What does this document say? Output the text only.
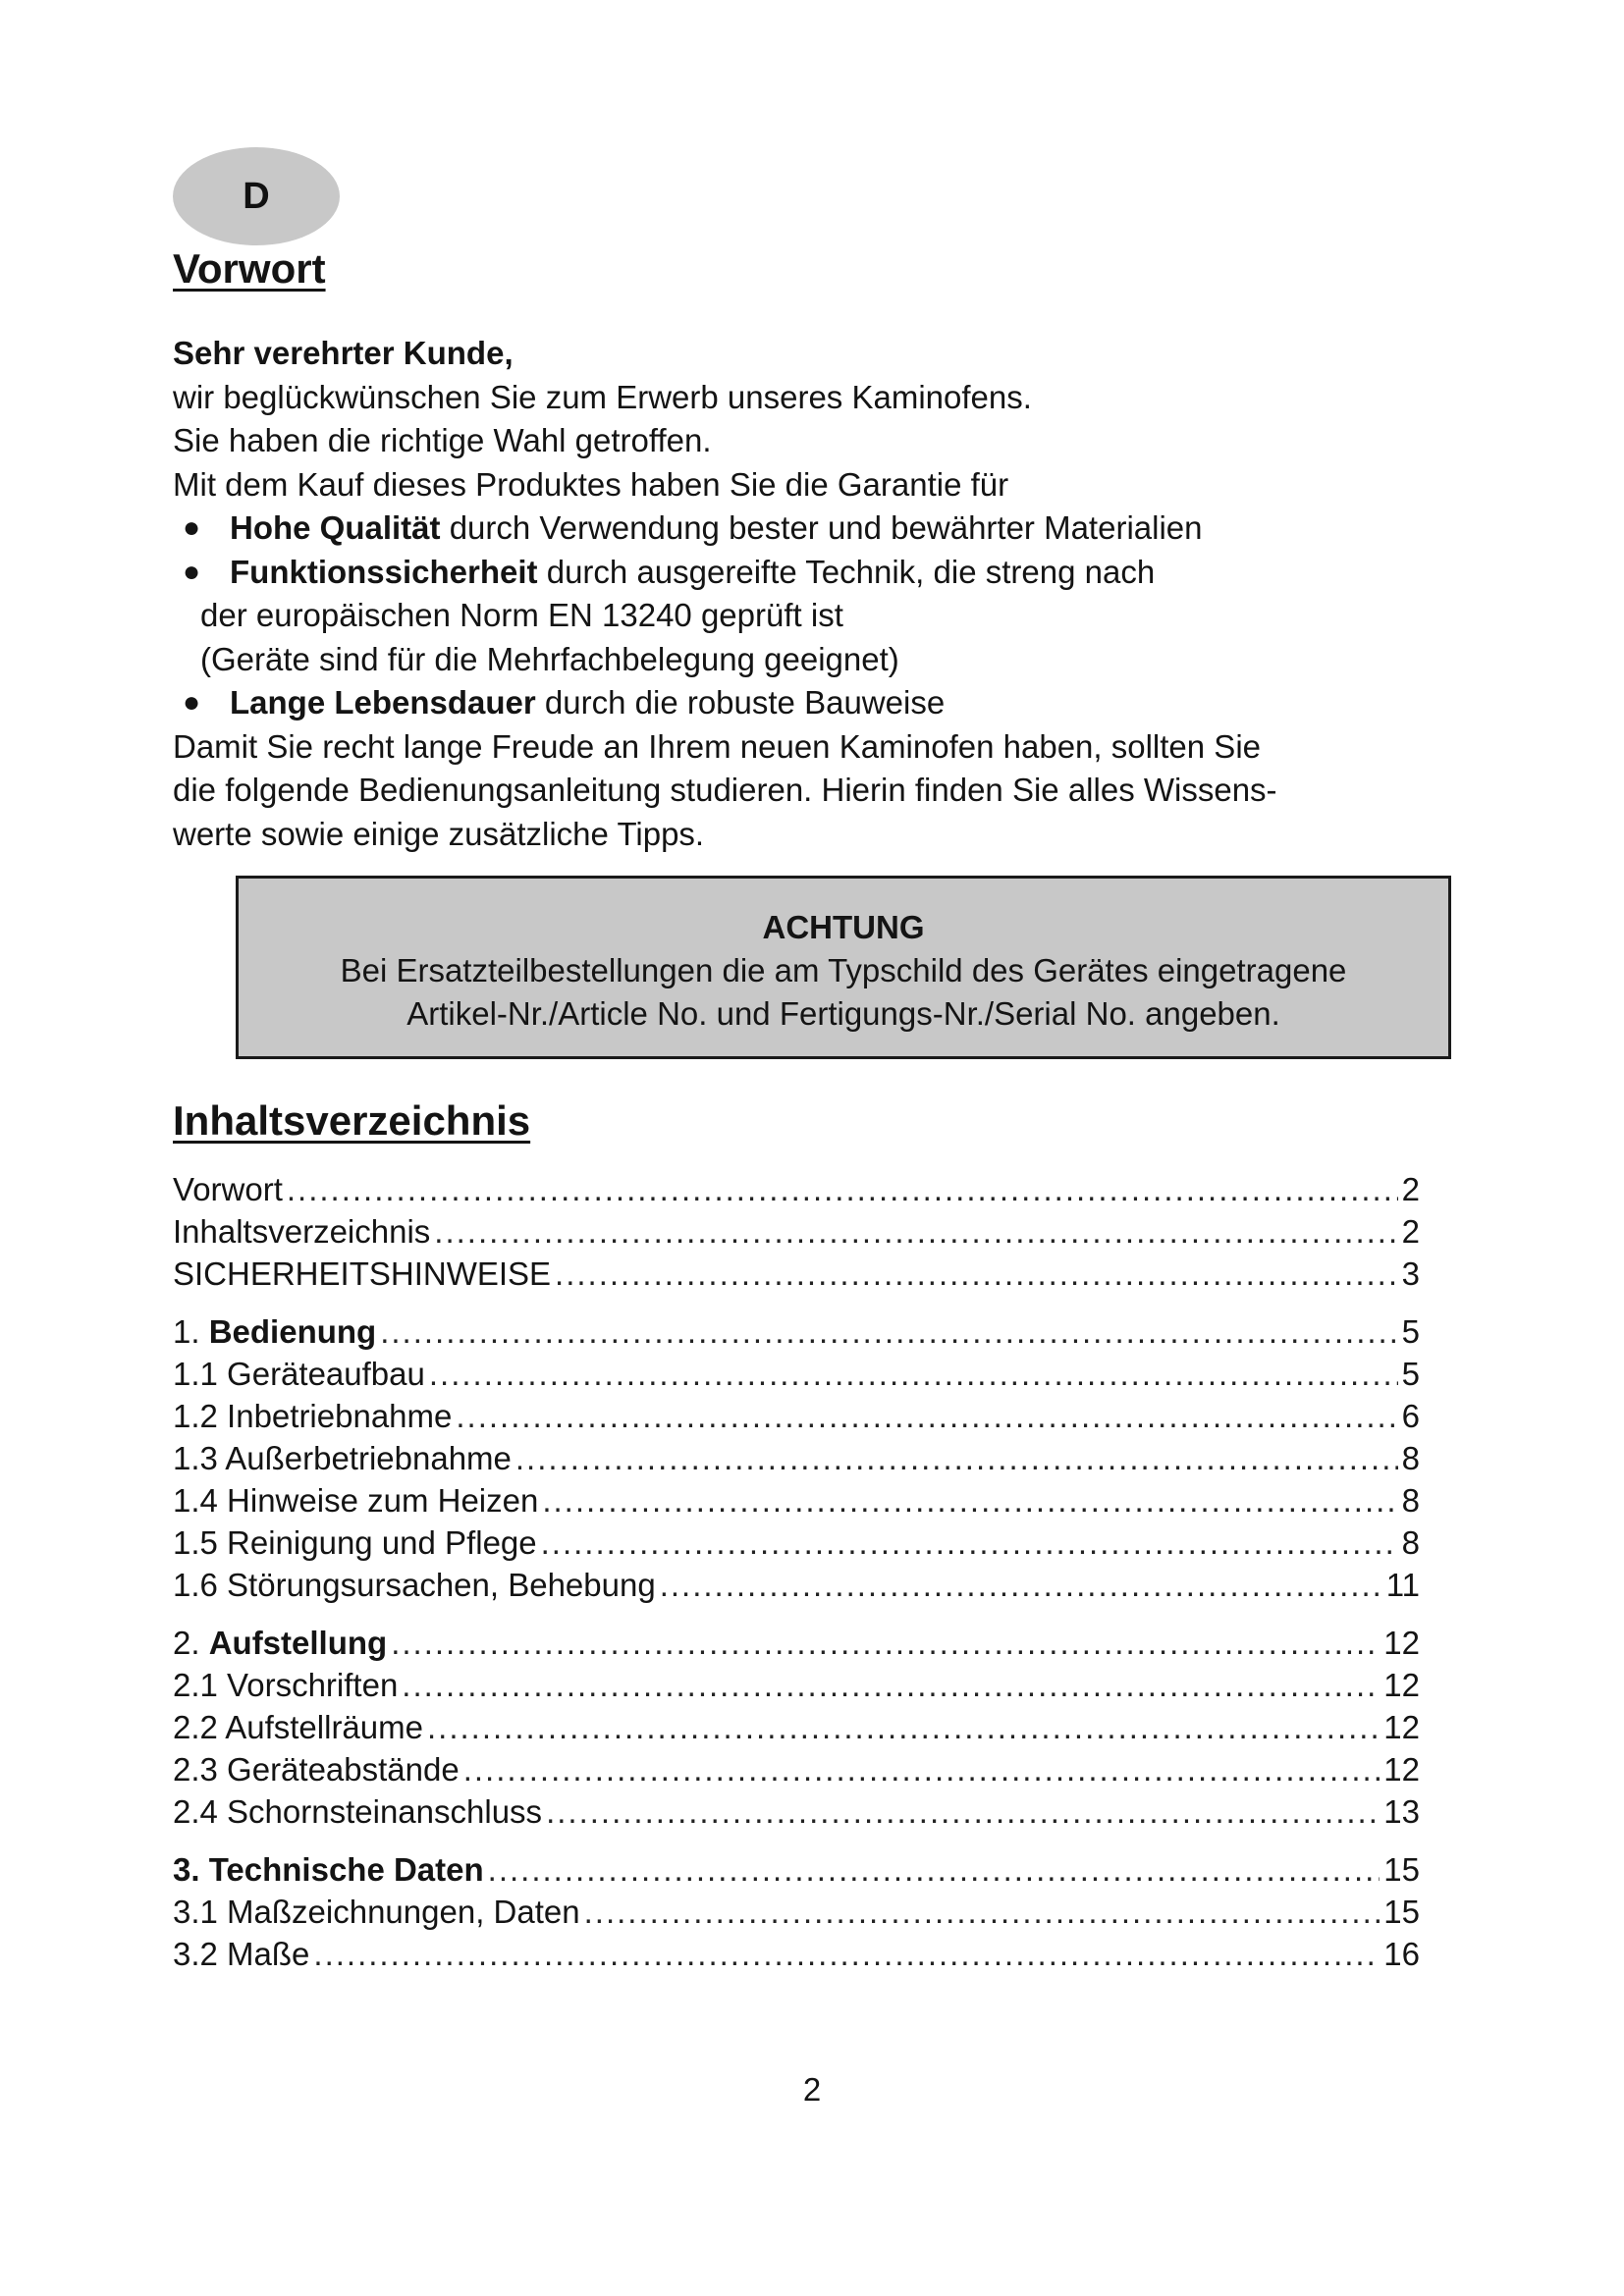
D
Vorwort
Sehr verehrter Kunde,
wir beglückwünschen Sie zum Erwerb unseres Kaminofens.
Sie haben die richtige Wahl getroffen.
Mit dem Kauf dieses Produktes haben Sie die Garantie für
● Hohe Qualität durch Verwendung bester und bewährter Materialien
● Funktionssicherheit durch ausgereifte Technik, die streng nach
der europäischen Norm EN 13240 geprüft ist
(Geräte sind für die Mehrfachbelegung geeignet)
● Lange Lebensdauer durch die robuste Bauweise
Damit Sie recht lange Freude an Ihrem neuen Kaminofen haben, sollten Sie
die folgende Bedienungsanleitung studieren. Hierin finden Sie alles Wissens-
werte sowie einige zusätzliche Tipps.
ACHTUNG
Bei Ersatzteilbestellungen die am Typschild des Gerätes eingetragene
Artikel-Nr./Article No. und Fertigungs-Nr./Serial No. angeben.
Inhaltsverzeichnis
Vorwort .....	2
Inhaltsverzeichnis .....	2
SICHERHEITSHINWEISE .....	3
1. Bedienung .....	5
1.1 Geräteaufbau .....	5
1.2 Inbetriebnahme .....	6
1.3 Außerbetriebnahme .....	8
1.4 Hinweise zum Heizen .....	8
1.5 Reinigung und Pflege .....	8
1.6 Störungsursachen, Behebung .....	11
2. Aufstellung .....	12
2.1 Vorschriften .....	12
2.2 Aufstellräume .....	12
2.3 Geräteabstände .....	12
2.4 Schornsteinanschluss .....	13
3. Technische Daten .....	15
3.1 Maßzeichnungen, Daten .....	15
3.2 Maße .....	16
2
